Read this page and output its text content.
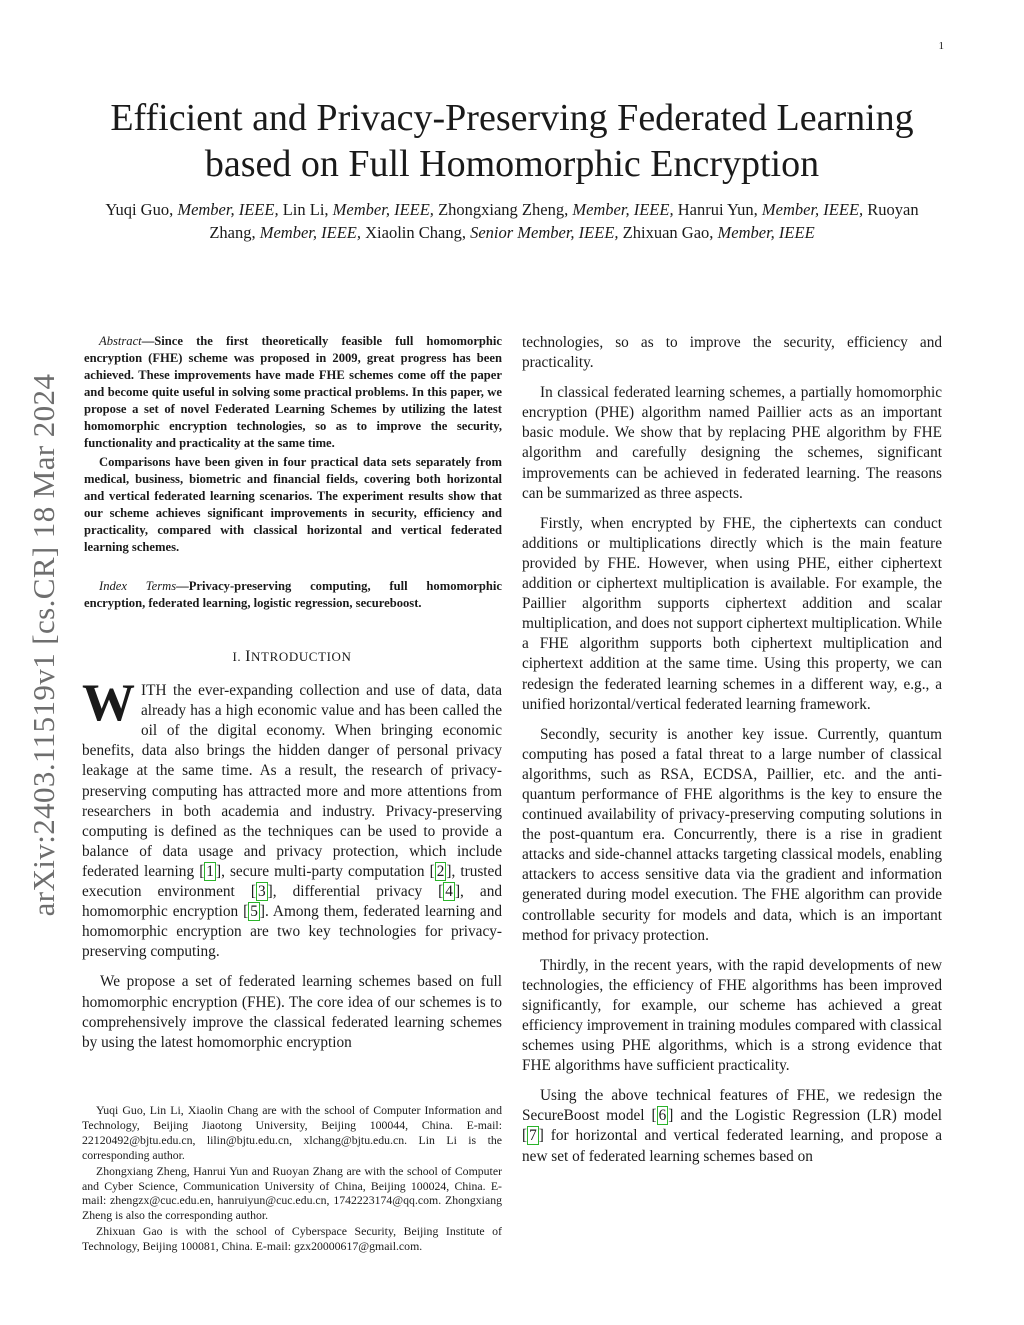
1
arXiv:2403.11519v1 [cs.CR] 18 Mar 2024
Efficient and Privacy-Preserving Federated Learning
based on Full Homomorphic Encryption
Yuqi Guo, Member, IEEE, Lin Li, Member, IEEE, Zhongxiang Zheng, Member, IEEE, Hanrui Yun, Member, IEEE, Ruoyan Zhang, Member, IEEE, Xiaolin Chang, Senior Member, IEEE, Zhixuan Gao, Member, IEEE

Abstract—Since the first theoretically feasible full homomorphic encryption (FHE) scheme was proposed in 2009, great progress has been achieved. These improvements have made FHE schemes come off the paper and become quite useful in solving some practical problems. In this paper, we propose a set of novel Federated Learning Schemes by utilizing the latest homomorphic encryption technologies, so as to improve the security, functionality and practicality at the same time.

Comparisons have been given in four practical data sets separately from medical, business, biometric and financial fields, covering both horizontal and vertical federated learning scenarios. The experiment results show that our scheme achieves significant improvements in security, efficiency and practicality, compared with classical horizontal and vertical federated learning schemes.

Index Terms—Privacy-preserving computing, full homomorphic encryption, federated learning, logistic regression, secureboost.
I. INTRODUCTION

WITH the ever-expanding collection and use of data, data already has a high economic value and has been called the oil of the digital economy. When bringing economic benefits, data also brings the hidden danger of personal privacy leakage at the same time. As a result, the research of privacy-preserving computing has attracted more and more attentions from researchers in both academia and industry. Privacy-preserving computing is defined as the techniques can be used to provide a balance of data usage and privacy protection, which include federated learning [ 1 ], secure multi-party computation [ 2 ], trusted execution environment [ 3 ], differential privacy [ 4 ], and homomorphic encryption [ 5 ]. Among them, federated learning and homomorphic encryption are two key technologies for privacy-preserving computing.

We propose a set of federated learning schemes based on full homomorphic encryption (FHE). The core idea of our schemes is to comprehensively improve the classical federated learning schemes by using the latest homomorphic encryption

Yuqi Guo, Lin Li, Xiaolin Chang are with the school of Computer Information and Technology, Beijing Jiaotong University, Beijing 100044, China. E-mail: 22120492@bjtu.edu.cn, lilin@bjtu.edu.cn, xlchang@bjtu.edu.cn. Lin Li is the corresponding author.

Zhongxiang Zheng, Hanrui Yun and Ruoyan Zhang are with the school of Computer and Cyber Science, Communication University of China, Beijing 100024, China. E-mail: zhengzx@cuc.edu.en, hanruiyun@cuc.edu.cn, 1742223174@qq.com. Zhongxiang Zheng is also the corresponding author.

Zhixuan Gao is with the school of Cyberspace Security, Beijing Institute of Technology, Beijing 100081, China. E-mail: gzx20000617@gmail.com.

technologies, so as to improve the security, efficiency and practicality.

In classical federated learning schemes, a partially homomorphic encryption (PHE) algorithm named Paillier acts as an important basic module. We show that by replacing PHE algorithm by FHE algorithm and carefully designing the schemes, significant improvements can be achieved in federated learning. The reasons can be summarized as three aspects.

Firstly, when encrypted by FHE, the ciphertexts can conduct additions or multiplications directly which is the main feature provided by FHE. However, when using PHE, either ciphertext addition or ciphertext multiplication is available. For example, the Paillier algorithm supports ciphertext addition and scalar multiplication, and does not support ciphertext multiplication. While a FHE algorithm supports both ciphertext multiplication and ciphertext addition at the same time. Using this property, we can redesign the federated learning schemes in a different way, e.g., a unified horizontal/vertical federated learning framework.

Secondly, security is another key issue. Currently, quantum computing has posed a fatal threat to a large number of classical algorithms, such as RSA, ECDSA, Paillier, etc. and the anti-quantum performance of FHE algorithms is the key to ensure the continued availability of privacy-preserving computing solutions in the post-quantum era. Concurrently, there is a rise in gradient attacks and side-channel attacks targeting classical models, enabling attackers to access sensitive data via the gradient and information generated during model execution. The FHE algorithm can provide controllable security for models and data, which is an important method for privacy protection.

Thirdly, in the recent years, with the rapid developments of new technologies, the efficiency of FHE algorithms has been improved significantly, for example, our scheme has achieved a great efficiency improvement in training modules compared with classical schemes using PHE algorithms, which is a strong evidence that FHE algorithms have sufficient practicality.

Using the above technical features of FHE, we redesign the SecureBoost model [ 6 ] and the Logistic Regression (LR) model [ 7 ] for horizontal and vertical federated learning, and propose a new set of federated learning schemes based on
